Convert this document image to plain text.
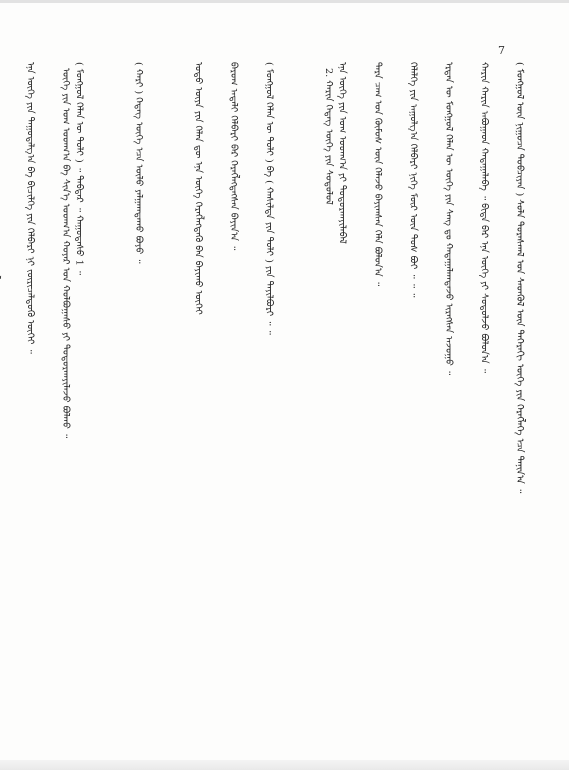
7
( ᠮᠣᠩᠭᠣᠯ ᠦᠨ ᠨᠢᠭᠤᠴᠠ ᠲᠣᠪᠴᠢᠶᠠᠨ ) ᠰᠤᠯᠠ ᠳᠤᠷᠠᠰᠬᠠᠯ ᠤᠨ ᠰᠡᠳᠬᠦᠯ ᠦᠨ ᠳᠡᠭᠡᠷᠡᠬᠢ ᠦᠭᠡ ᠶᠢᠨ ᠬᠡᠷᠡᠭᠯᠡᠭᠡ ᠡᠴᠡ ᠲᠠᠨᠢᠨ᠎ᠠ ᠃
ᠬᠠᠷᠢᠨ ᠬᠠᠷᠢᠨ ᠠᠪᠤᠭᠠᠳ ᠬᠠᠳᠠᠭᠠᠯᠠᠪᠠ ᠃ ᠪᠢᠳᠡ ᠪᠡᠷ ᠡᠨᠡ ᠦᠭᠡ ᠶᠢ ᠰᠤᠳᠤᠯᠵᠤ ᠪᠣᠯᠤᠨ᠎ᠠ ᠃
ᠡᠷᠲᠡᠨ ᠦ ᠮᠣᠩᠭᠣᠯ ᠬᠡᠯᠡᠨ ᠦ ᠦᠭᠡ ᠶᠢᠨ ᠰᠠᠩ ᠳᠤ ᠬᠠᠳᠠᠭᠠᠯᠠᠭᠳᠠᠵᠤ ᠢᠷᠡᠭᠰᠡᠨ ᠠᠵᠤᠭᠤ ᠃
ᠬᠡᠯᠡᠯᠭᠡ ᠶᠢᠨ ᠠᠭᠤᠯᠭ᠎ᠠ ᠬᠡᠯᠪᠡᠷᠢ ᠨᠢᠭᠡ ᠮᠦᠷ ᠦᠨ ᠲᠤᠰ ᠪᠤᠢ ᠃ ᠃ ᠃
ᠲᠡᠷᠡ ᠴᠠᠭ ᠤᠨ ᠬᠦᠮᠦᠰ ᠦᠨ ᠬᠡᠯᠡᠵᠦ ᠪᠠᠶᠢᠭᠰᠠᠨ ᠬᠡᠯᠡ ᠪᠣᠯᠤᠨ᠎ᠠ ᠃
ᠡᠨᠡ ᠦᠭᠡ ᠶᠢᠨ ᠤᠭ ᠤᠳᠬ᠎ᠠ ᠶᠢ ᠲᠣᠳᠣᠷᠬᠠᠶᠢᠯᠠᠪᠠᠯ
2. ᠬᠠᠷᠢᠨ ᠭᠡᠳᠡᠭ ᠦᠭᠡ ᠶᠢᠨ ᠰᠤᠳᠤᠯᠤᠯ
( ᠮᠣᠩᠭᠣᠯ ᠬᠡᠯᠡᠨ ᠦ ᠲᠣᠯᠢ ) ᠪᠠ ( ᠬᠠᠰᠢᠯᠳᠠ ᠶᠢᠨ ᠲᠣᠯᠢ ) ᠶᠢᠨ ᠲᠠᠶᠢᠯᠪᠤᠷᠢ ᠃ ᠃
ᠪᠠᠷᠤᠭ ᠠᠳᠠᠯᠢ ᠬᠡᠯᠪᠡᠷᠢ ᠪᠠᠷ ᠬᠡᠷᠡᠭᠯᠡᠭᠳᠡᠭᠰᠡᠨ ᠪᠠᠶᠢᠨ᠎ᠠ ᠃
ᠣᠳᠣ ᠦᠶᠡ ᠶᠢᠨ ᠬᠡᠯᠡᠨ ᠳᠦ ᠡᠨᠡ ᠦᠭᠡ ᠬᠡᠷᠡᠭᠯᠡᠭᠳᠡᠬᠦ ᠪᠠᠨ ᠪᠠᠶᠢᠬᠤ ᠦᠭᠡᠢ
( ᠬᠠᠷᠢ ) ᠭᠡᠳᠡᠭ ᠦᠭᠡ ᠡᠴᠡ ᠦᠯᠦ ᠶᠠᠯᠭᠠᠭᠳᠠᠬᠤ ᠪᠤᠶᠤ ᠃
( ᠮᠣᠩᠭᠣᠯ ᠬᠡᠯᠡᠨ ᠦ ᠲᠣᠯᠢ ) ᠃ ᠳᠡᠪᠲᠡᠷ ᠃ ᠬᠠᠭᠤᠳᠠᠰᠤ 1 ᠃
ᠦᠭᠡ ᠶᠢᠨ ᠤᠭ ᠤᠳᠬ᠎ᠠ ᠪᠠ ᠰᠢᠨ᠎ᠡ ᠤᠳᠬ᠎ᠠ ᠬᠣᠶᠠᠷ ᠤᠨ ᠬᠣᠯᠪᠤᠭᠠᠰᠤ ᠶᠢ ᠲᠣᠳᠣᠷᠬᠠᠶᠢᠯᠠᠵᠤ ᠪᠣᠯᠬᠤ ᠃
ᠡᠨᠡ ᠦᠭᠡ ᠶᠢᠨ ᠳᠠᠭᠤᠳᠠᠯᠭ᠎ᠠ ᠪᠠ ᠪᠢᠴᠢᠯᠭᠡ ᠶᠢᠨ ᠬᠡᠯᠪᠡᠷᠢ ᠨᠢ ᠵᠥᠷᠢᠴᠡᠯᠳᠦᠬᠦ ᠦᠭᠡᠢ ᠃
